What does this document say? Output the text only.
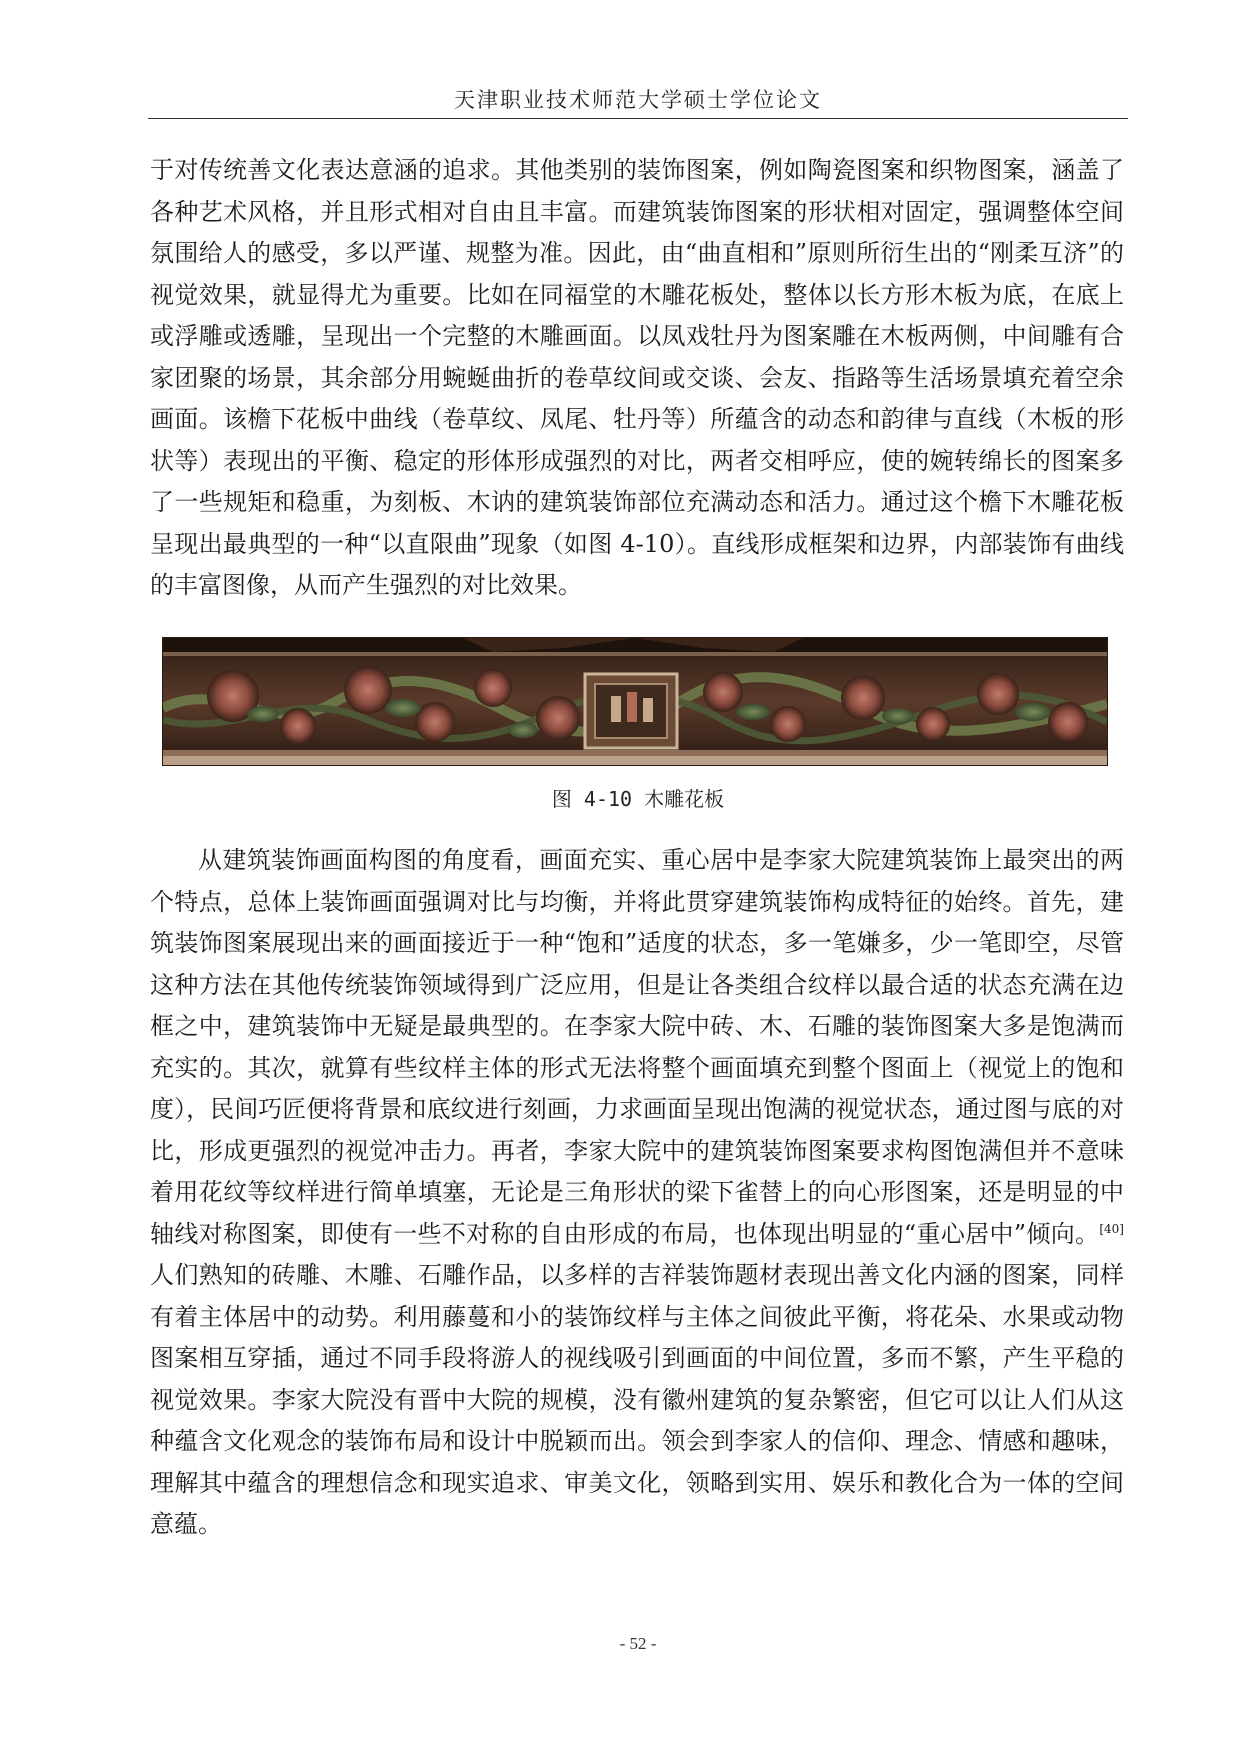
天津职业技术师范大学硕士学位论文

于对传统善文化表达意涵的追求。其他类别的装饰图案，例如陶瓷图案和织物图案，涵盖了各种艺术风格，并且形式相对自由且丰富。而建筑装饰图案的形状相对固定，强调整体空间氛围给人的感受，多以严谨、规整为准。因此，由“曲直相和”原则所衍生出的“刚柔互济”的视觉效果，就显得尤为重要。比如在同福堂的木雕花板处，整体以长方形木板为底，在底上或浮雕或透雕，呈现出一个完整的木雕画面。以凤戏牡丹为图案雕在木板两侧，中间雕有合家团聚的场景，其余部分用蜿蜒曲折的卷草纹间或交谈、会友、指路等生活场景填充着空余画面。该檐下花板中曲线（卷草纹、凤尾、牡丹等）所蕴含的动态和韵律与直线（木板的形状等）表现出的平衡、稳定的形体形成强烈的对比，两者交相呼应，使的婉转绵长的图案多了一些规矩和稳重，为刻板、木讷的建筑装饰部位充满动态和活力。通过这个檐下木雕花板呈现出最典型的一种“以直限曲”现象（如图 4-10）。直线形成框架和边界，内部装饰有曲线的丰富图像，从而产生强烈的对比效果。

图 4-10 木雕花板

从建筑装饰画面构图的角度看，画面充实、重心居中是李家大院建筑装饰上最突出的两个特点，总体上装饰画面强调对比与均衡，并将此贯穿建筑装饰构成特征的始终。首先，建筑装饰图案展现出来的画面接近于一种“饱和”适度的状态，多一笔嫌多，少一笔即空，尽管这种方法在其他传统装饰领域得到广泛应用，但是让各类组合纹样以最合适的状态充满在边框之中，建筑装饰中无疑是最典型的。在李家大院中砖、木、石雕的装饰图案大多是饱满而充实的。其次，就算有些纹样主体的形式无法将整个画面填充到整个图面上（视觉上的饱和度），民间巧匠便将背景和底纹进行刻画，力求画面呈现出饱满的视觉状态，通过图与底的对比，形成更强烈的视觉冲击力。再者，李家大院中的建筑装饰图案要求构图饱满但并不意味着用花纹等纹样进行简单填塞，无论是三角形状的梁下雀替上的向心形图案，还是明显的中轴线对称图案，即使有一些不对称的自由形成的布局，也体现出明显的“重心居中”倾向。[40]人们熟知的砖雕、木雕、石雕作品，以多样的吉祥装饰题材表现出善文化内涵的图案，同样有着主体居中的动势。利用藤蔓和小的装饰纹样与主体之间彼此平衡，将花朵、水果或动物图案相互穿插，通过不同手段将游人的视线吸引到画面的中间位置，多而不繁，产生平稳的视觉效果。李家大院没有晋中大院的规模，没有徽州建筑的复杂繁密，但它可以让人们从这种蕴含文化观念的装饰布局和设计中脱颖而出。领会到李家人的信仰、理念、情感和趣味，理解其中蕴含的理想信念和现实追求、审美文化，领略到实用、娱乐和教化合为一体的空间意蕴。

- 52 -
